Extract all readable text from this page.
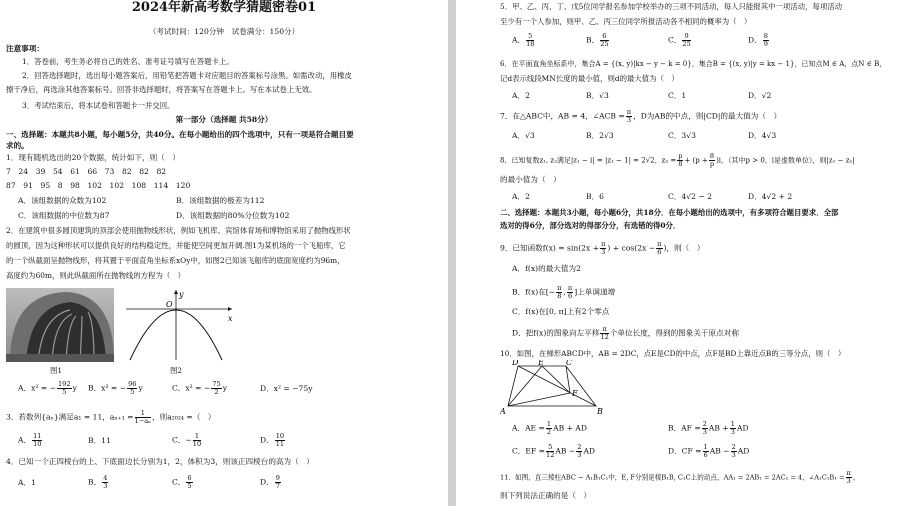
2024年新高考数学猜题密卷01
（考试时间：120分钟　试卷满分：150分）
注意事项：
1．答卷前，考生务必将自己的姓名、准考证号填写在答题卡上。
2．回答选择题时，选出每小题答案后，用铅笔把答题卡对应题目的答案标号涂黑。如需改动，用橡皮
擦干净后，再选涂其他答案标号。回答非选择题时，将答案写在答题卡上。写在本试卷上无效。
3．考试结束后，将本试卷和答题卡一并交回。
第一部分（选择题 共58分）
一、选择题：本题共8小题，每小题5分，共40分。在每小题给出的四个选项中，只有一项是符合题目要
求的。
1．现有随机选出的20个数据，统计如下，则（　）
7　24　39　54　61　66　73　82　82　82
87　91　95　8　98　102　102　108　114　120
A．该组数据的众数为102	B．该组数据的极差为112
C．该组数据的中位数为87	D．该组数据的80%分位数为102
2．在建筑中很多圆顶建筑的顶部会使用抛物线形状，例如飞机库、宾馆体育场和博物馆采用了抛物线形状
的圆顶，因为这种形状可以提供良好的结构稳定性，并能使空间更加开阔.图1为某机场的一个飞船库，它
的一个纵截面呈抛物线形，将其置于平面直角坐标系xOy中，如图2已知该飞船库的底面宽度约为96m，
高度约为60m，则此纵截面所在抛物线的方程为（　）
图1
x
y
O
图2
A．x² = − $\frac{192}{5}$ y B．x² = − $\frac{96}{5}$ y	C．x² = − $\frac{75}{2}$ y	D．x² = −75y
3．若数列{aₙ}满足a₁ = 11，$a_{n+1} = \frac{1}{\text{1−aₙ}}$ ，则a₂₀₂₄ =（　）
A． $\frac{11}{10}$	B．11	C．− $\frac{1}{10}$	D． $\frac{10}{11}$
4．已知一个正四棱台的上、下底面边长分别为1，2，体积为3，则该正四棱台的高为（　）
A．1	B． $\frac{4}{3}$	C． $\frac{6}{5}$	D． $\frac{9}{7}$
5．甲、乙、丙、丁、戊5位同学报名参加学校举办的三项不同活动，每人只能报其中一项活动，每项活动
至少有一个人参加，则甲、乙、丙三位同学所报活动各不相同的概率为（　）
A． $\frac{5}{18}$	B． $\frac{6}{25}$	C． $\frac{9}{25}$	D． $\frac{8}{9}$
6．在平面直角坐标系中，集合A = {(x, y)|kx − y − k = 0}，集合B = {(x, y)|y = kx − 1}，已知点M ∈ A，点N ∈ B，
记d表示线段MN长度的最小值，则d的最大值为（　）
A．2	B．√3	C．1	D．√2
7．在△ABC中，AB = 4，∠ACB = $\frac{\pi}{3}$ ，D为AB的中点，则|CD|的最大值为（　）
A．√3	B．2√3	C．3√3	D．4√3
8．已知复数z₁, z₂满足|z₁ − i| = |z₁ − 1| = 2√2，$z_2 = \frac{p}{8} + (p + \frac{8}{p} )i$，（其中p > 0，i是虚数单位），则|z₁ − z₂|
的最小值为（　）
A．2	B．6	C．4√2 − 2	D．4√2 + 2
二、选择题：本题共3小题，每小题6分，共18分．在每小题给出的选项中，有多项符合题目要求．全部
选对的得6分，部分选对的得部分分，有选错的得0分．
9．已知函数$f(x) = \sin(2x + \frac{\pi}{3}$ ) + $\cos(2x - \frac{\pi}{6}$ )，则（　）
A．f(x)的最大值为2
B．f(x)在[− $\frac{\pi}{8}$ , $\frac{\pi}{6}$ ]上单调递增
C．f(x)在[0, π]上有2个零点
D．把f(x)的图象向左平移 $\frac{\pi}{12}$ 个单位长度，得到的图象关于原点对称
10．如图，在梯形ABCD中，AB = 2DC，点E是CD的中点，点F是BD上靠近点B的三等分点，则（　）
D E	C
F
A	B
A．AE = $\frac{1}{2}$ AB + AD	B．AF = $\frac{2}{3}$ AB + $\frac{1}{3}$ AD
C．EF = $\frac{5}{12}$ AB − $\frac{2}{3}$ AD	D．CF = $\frac{1}{6}$ AB − $\frac{2}{3}$ AD
11．如图，直三棱柱ABC − A₁B₁C₁中，E, F分别是棱B₁B, C₁C上的动点，AA₁ = 2AB₁ = 2AC₁ = 4，∠A₁C₁B₁ = $\frac{\pi}{3}$ ，
则下列说法正确的是（　）
